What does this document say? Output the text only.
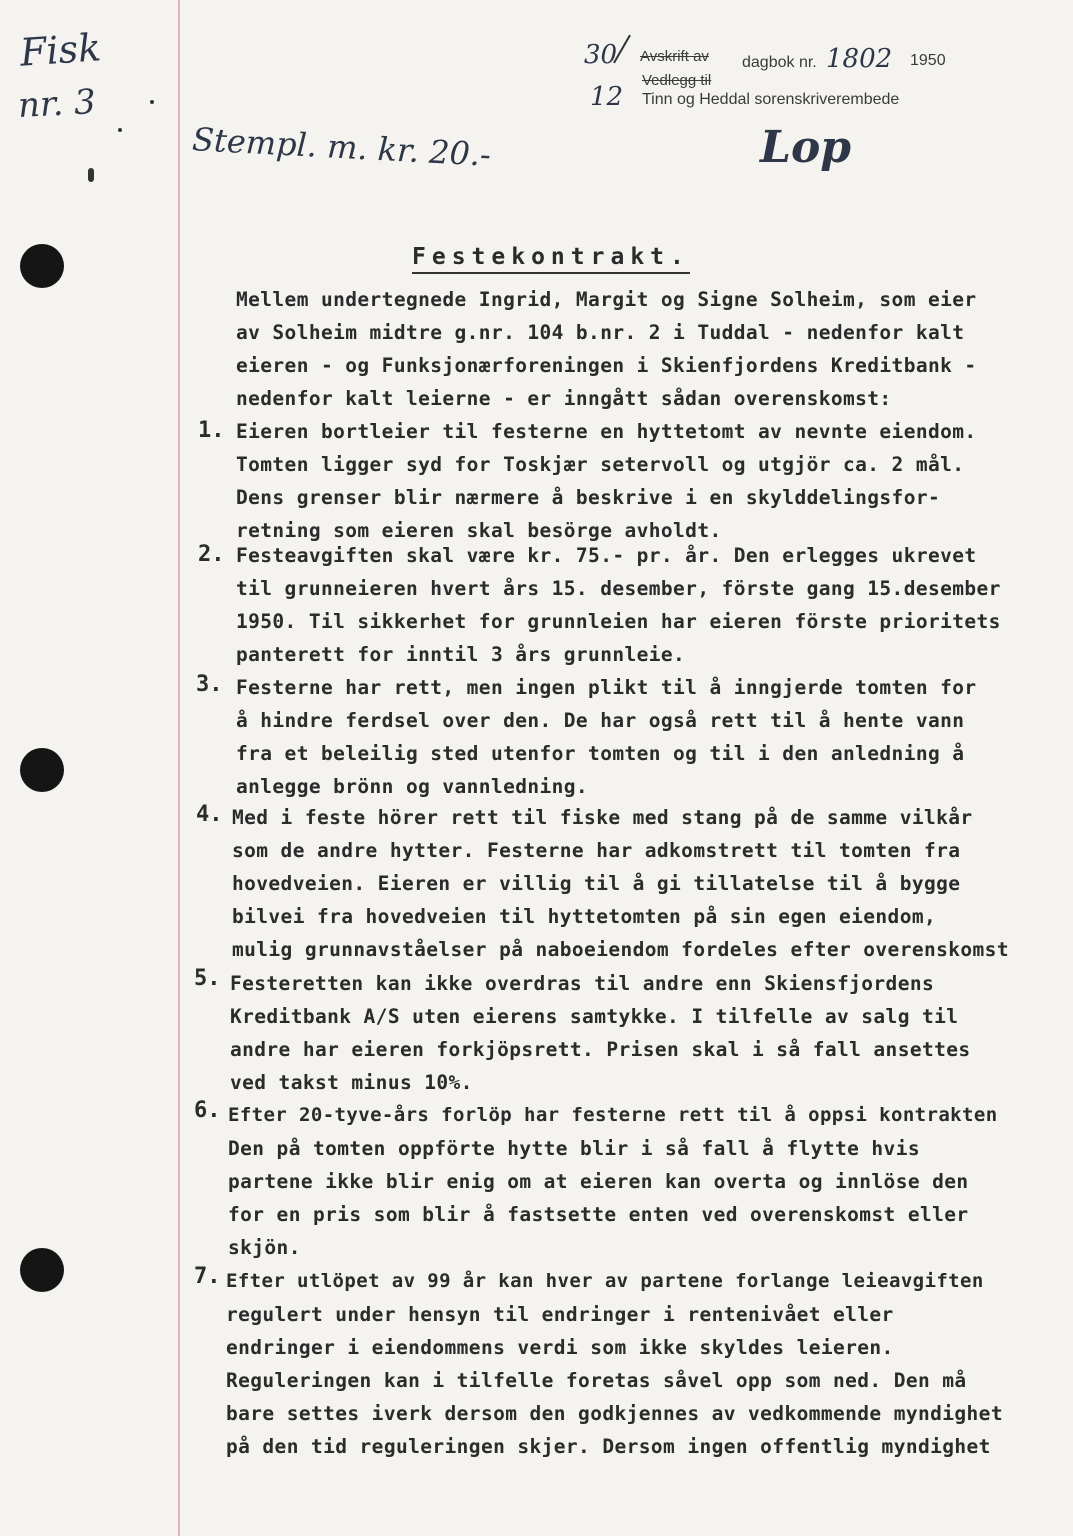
Fisk
nr. 3
Stempl. m. kr. 20.-	Lop
30
12
Avskrift av dagbok nr. 1802 1950
Vedlegg til
Tinn og Heddal sorenskriverembede
Festekontrakt.
Mellem undertegnede Ingrid, Margit og Signe Solheim, som eier
av Solheim midtre g.nr. 104 b.nr. 2 i Tuddal - nedenfor kalt
eieren - og Funksjonærforeningen i Skienfjordens Kreditbank -
nedenfor kalt leierne - er inngått sådan overenskomst:
1. Eieren bortleier til festerne en hyttetomt av nevnte eiendom.
Tomten ligger syd for Toskjær setervoll og utgjör ca. 2 mål.
Dens grenser blir nærmere å beskrive i en skylddelingsfor-
retning som eieren skal besörge avholdt.
2. Festeavgiften skal være kr. 75.- pr. år. Den erlegges ukrevet
til grunneieren hvert års 15. desember, förste gang 15.desember
1950. Til sikkerhet for grunnleien har eieren förste prioritets
panterett for inntil 3 års grunnleie.
3. Festerne har rett, men ingen plikt til å inngjerde tomten for
å hindre ferdsel over den. De har også rett til å hente vann
fra et beleilig sted utenfor tomten og til i den anledning å
anlegge brönn og vannledning.
4. Med i feste hörer rett til fiske med stang på de samme vilkår
som de andre hytter. Festerne har adkomstrett til tomten fra
hovedveien. Eieren er villig til å gi tillatelse til å bygge
bilvei fra hovedveien til hyttetomten på sin egen eiendom,
mulig grunnavståelser på naboeiendom fordeles efter overenskomst
5. Festeretten kan ikke overdras til andre enn Skiensfjordens
Kreditbank A/S uten eierens samtykke. I tilfelle av salg til
andre har eieren forkjöpsrett. Prisen skal i så fall ansettes
ved takst minus 10%.
6. Efter 20-tyve-års forlöp har festerne rett til å oppsi kontrakten
Den på tomten oppförte hytte blir i så fall å flytte hvis
partene ikke blir enig om at eieren kan overta og innlöse den
for en pris som blir å fastsette enten ved overenskomst eller
skjön.
7. Efter utlöpet av 99 år kan hver av partene forlange leieavgiften
regulert under hensyn til endringer i rentenivået eller
endringer i eiendommens verdi som ikke skyldes leieren.
Reguleringen kan i tilfelle foretas såvel opp som ned. Den må
bare settes iverk dersom den godkjennes av vedkommende myndighet
på den tid reguleringen skjer. Dersom ingen offentlig myndighet
